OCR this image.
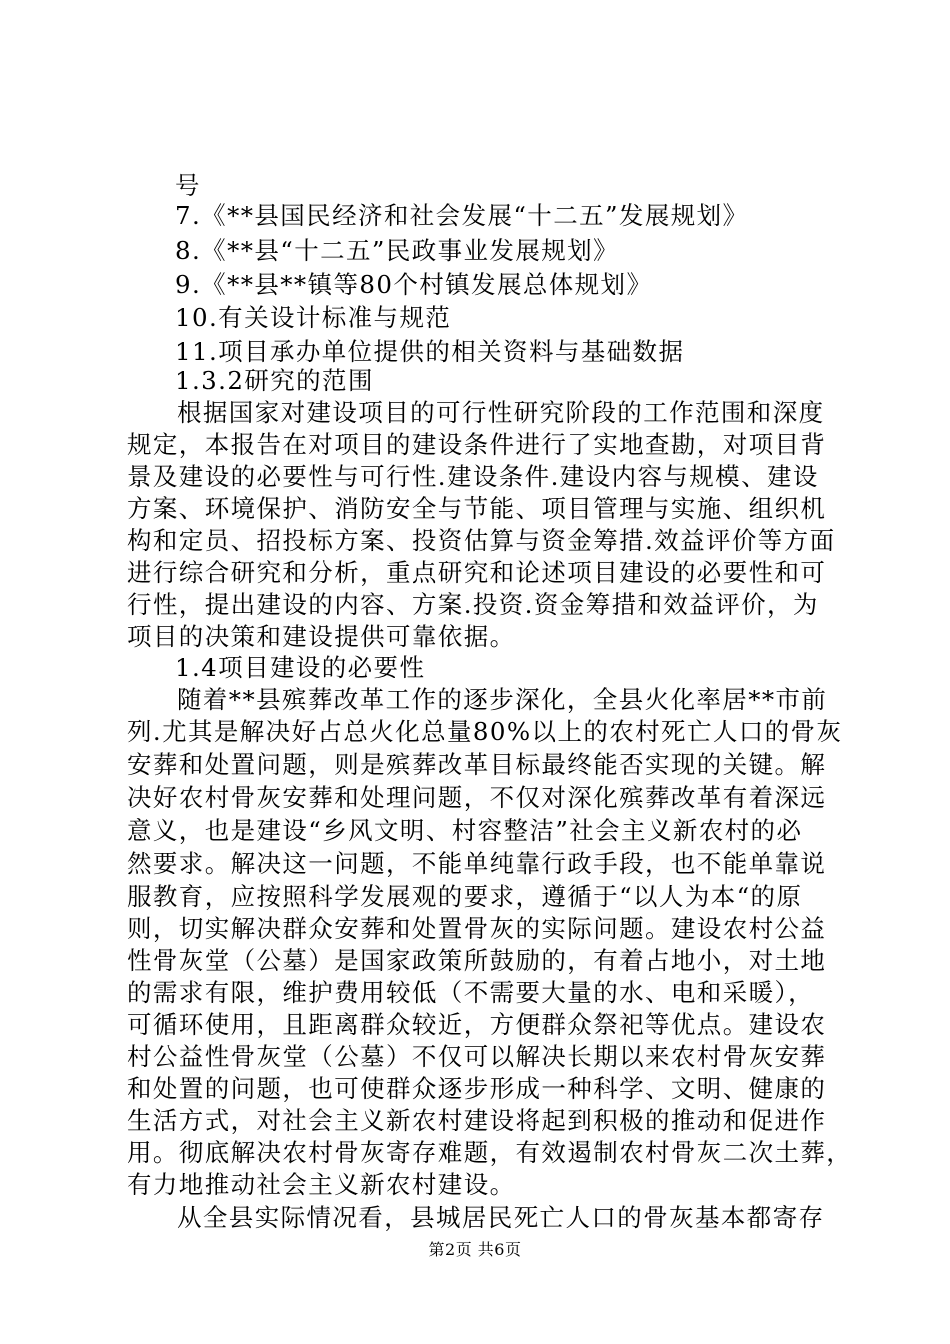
号
7.《**县国民经济和社会发展“十二五”发展规划》
8.《**县“十二五”民政事业发展规划》
9.《**县**镇等80个村镇发展总体规划》
10.有关设计标准与规范
11.项目承办单位提供的相关资料与基础数据
1.3.2研究的范围
根据国家对建设项目的可行性研究阶段的工作范围和深度
规定，本报告在对项目的建设条件进行了实地查勘，对项目背
景及建设的必要性与可行性.建设条件.建设内容与规模、建设
方案、环境保护、消防安全与节能、项目管理与实施、组织机
构和定员、招投标方案、投资估算与资金筹措.效益评价等方面
进行综合研究和分析，重点研究和论述项目建设的必要性和可
行性，提出建设的内容、方案.投资.资金筹措和效益评价，为
项目的决策和建设提供可靠依据。
1.4项目建设的必要性
随着**县殡葬改革工作的逐步深化，全县火化率居**市前
列.尤其是解决好占总火化总量80%以上的农村死亡人口的骨灰
安葬和处置问题，则是殡葬改革目标最终能否实现的关键。解
决好农村骨灰安葬和处理问题，不仅对深化殡葬改革有着深远
意义，也是建设“乡风文明、村容整洁”社会主义新农村的必
然要求。解决这一问题，不能单纯靠行政手段，也不能单靠说
服教育，应按照科学发展观的要求，遵循于“以人为本“的原
则，切实解决群众安葬和处置骨灰的实际问题。建设农村公益
性骨灰堂（公墓）是国家政策所鼓励的，有着占地小，对土地
的需求有限，维护费用较低（不需要大量的水、电和采暖），
可循环使用，且距离群众较近，方便群众祭祀等优点。建设农
村公益性骨灰堂（公墓）不仅可以解决长期以来农村骨灰安葬
和处置的问题，也可使群众逐步形成一种科学、文明、健康的
生活方式，对社会主义新农村建设将起到积极的推动和促进作
用。彻底解决农村骨灰寄存难题，有效遏制农村骨灰二次土葬，
有力地推动社会主义新农村建设。
从全县实际情况看，县城居民死亡人口的骨灰基本都寄存
第2页 共6页
